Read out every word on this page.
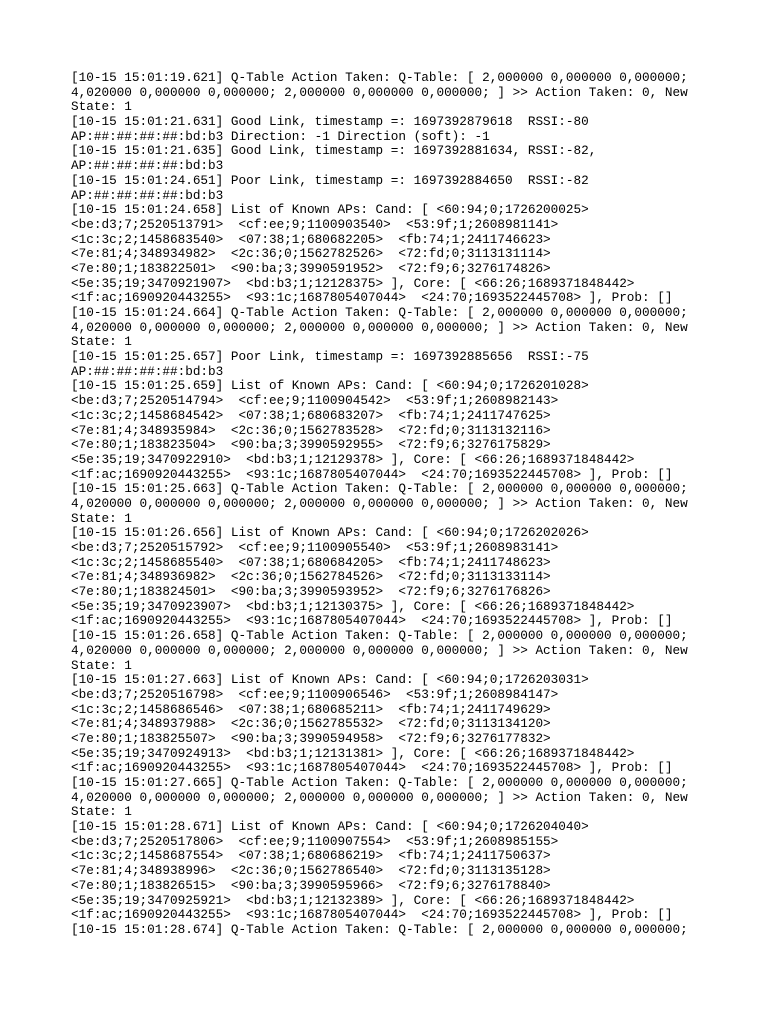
[10-15 15:01:19.621] Q-Table Action Taken: Q-Table: [ 2,000000 0,000000 0,000000;
4,020000 0,000000 0,000000; 2,000000 0,000000 0,000000; ] >> Action Taken: 0, New
State: 1
[10-15 15:01:21.631] Good Link, timestamp =: 1697392879618  RSSI:-80
AP:##:##:##:##:bd:b3 Direction: -1 Direction (soft): -1
[10-15 15:01:21.635] Good Link, timestamp =: 1697392881634, RSSI:-82,
AP:##:##:##:##:bd:b3
[10-15 15:01:24.651] Poor Link, timestamp =: 1697392884650  RSSI:-82
AP:##:##:##:##:bd:b3
[10-15 15:01:24.658] List of Known APs: Cand: [ <60:94;0;1726200025>
<be:d3;7;2520513791>  <cf:ee;9;1100903540>  <53:9f;1;2608981141>
<1c:3c;2;1458683540>  <07:38;1;680682205>  <fb:74;1;2411746623>
<7e:81;4;348934982>  <2c:36;0;1562782526>  <72:fd;0;3113131114>
<7e:80;1;183822501>  <90:ba;3;3990591952>  <72:f9;6;3276174826>
<5e:35;19;3470921907>  <bd:b3;1;12128375> ], Core: [ <66:26;1689371848442>
<1f:ac;1690920443255>  <93:1c;1687805407044>  <24:70;1693522445708> ], Prob: []
[10-15 15:01:24.664] Q-Table Action Taken: Q-Table: [ 2,000000 0,000000 0,000000;
4,020000 0,000000 0,000000; 2,000000 0,000000 0,000000; ] >> Action Taken: 0, New
State: 1
[10-15 15:01:25.657] Poor Link, timestamp =: 1697392885656  RSSI:-75
AP:##:##:##:##:bd:b3
[10-15 15:01:25.659] List of Known APs: Cand: [ <60:94;0;1726201028>
<be:d3;7;2520514794>  <cf:ee;9;1100904542>  <53:9f;1;2608982143>
<1c:3c;2;1458684542>  <07:38;1;680683207>  <fb:74;1;2411747625>
<7e:81;4;348935984>  <2c:36;0;1562783528>  <72:fd;0;3113132116>
<7e:80;1;183823504>  <90:ba;3;3990592955>  <72:f9;6;3276175829>
<5e:35;19;3470922910>  <bd:b3;1;12129378> ], Core: [ <66:26;1689371848442>
<1f:ac;1690920443255>  <93:1c;1687805407044>  <24:70;1693522445708> ], Prob: []
[10-15 15:01:25.663] Q-Table Action Taken: Q-Table: [ 2,000000 0,000000 0,000000;
4,020000 0,000000 0,000000; 2,000000 0,000000 0,000000; ] >> Action Taken: 0, New
State: 1
[10-15 15:01:26.656] List of Known APs: Cand: [ <60:94;0;1726202026>
<be:d3;7;2520515792>  <cf:ee;9;1100905540>  <53:9f;1;2608983141>
<1c:3c;2;1458685540>  <07:38;1;680684205>  <fb:74;1;2411748623>
<7e:81;4;348936982>  <2c:36;0;1562784526>  <72:fd;0;3113133114>
<7e:80;1;183824501>  <90:ba;3;3990593952>  <72:f9;6;3276176826>
<5e:35;19;3470923907>  <bd:b3;1;12130375> ], Core: [ <66:26;1689371848442>
<1f:ac;1690920443255>  <93:1c;1687805407044>  <24:70;1693522445708> ], Prob: []
[10-15 15:01:26.658] Q-Table Action Taken: Q-Table: [ 2,000000 0,000000 0,000000;
4,020000 0,000000 0,000000; 2,000000 0,000000 0,000000; ] >> Action Taken: 0, New
State: 1
[10-15 15:01:27.663] List of Known APs: Cand: [ <60:94;0;1726203031>
<be:d3;7;2520516798>  <cf:ee;9;1100906546>  <53:9f;1;2608984147>
<1c:3c;2;1458686546>  <07:38;1;680685211>  <fb:74;1;2411749629>
<7e:81;4;348937988>  <2c:36;0;1562785532>  <72:fd;0;3113134120>
<7e:80;1;183825507>  <90:ba;3;3990594958>  <72:f9;6;3276177832>
<5e:35;19;3470924913>  <bd:b3;1;12131381> ], Core: [ <66:26;1689371848442>
<1f:ac;1690920443255>  <93:1c;1687805407044>  <24:70;1693522445708> ], Prob: []
[10-15 15:01:27.665] Q-Table Action Taken: Q-Table: [ 2,000000 0,000000 0,000000;
4,020000 0,000000 0,000000; 2,000000 0,000000 0,000000; ] >> Action Taken: 0, New
State: 1
[10-15 15:01:28.671] List of Known APs: Cand: [ <60:94;0;1726204040>
<be:d3;7;2520517806>  <cf:ee;9;1100907554>  <53:9f;1;2608985155>
<1c:3c;2;1458687554>  <07:38;1;680686219>  <fb:74;1;2411750637>
<7e:81;4;348938996>  <2c:36;0;1562786540>  <72:fd;0;3113135128>
<7e:80;1;183826515>  <90:ba;3;3990595966>  <72:f9;6;3276178840>
<5e:35;19;3470925921>  <bd:b3;1;12132389> ], Core: [ <66:26;1689371848442>
<1f:ac;1690920443255>  <93:1c;1687805407044>  <24:70;1693522445708> ], Prob: []
[10-15 15:01:28.674] Q-Table Action Taken: Q-Table: [ 2,000000 0,000000 0,000000;
